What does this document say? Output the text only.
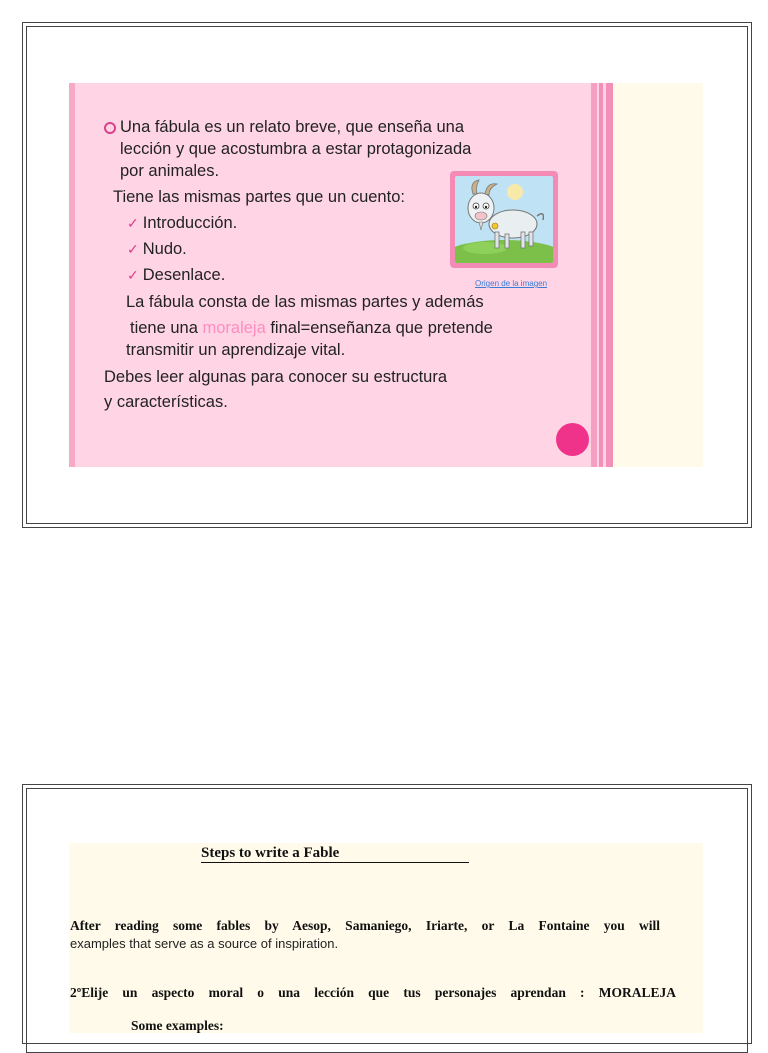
Una fábula es un relato breve, que enseña una
lección y que acostumbra a estar protagonizada
por animales.
Tiene las mismas partes que un cuento:
✓ Introducción.
✓ Nudo.
✓ Desenlace.
La fábula consta de las mismas partes y además
tiene una moraleja final=enseñanza que pretende
transmitir un aprendizaje vital.
Debes leer algunas para conocer su estructura
y características.
Origen de la imagen
Steps to write a Fable
After reading some fables by Aesop, Samaniego, Iriarte, or La Fontaine you will
examples that serve as a source of inspiration.
2ºElije un aspecto moral o una lección que tus personajes aprendan : MORALEJA
Some examples:
